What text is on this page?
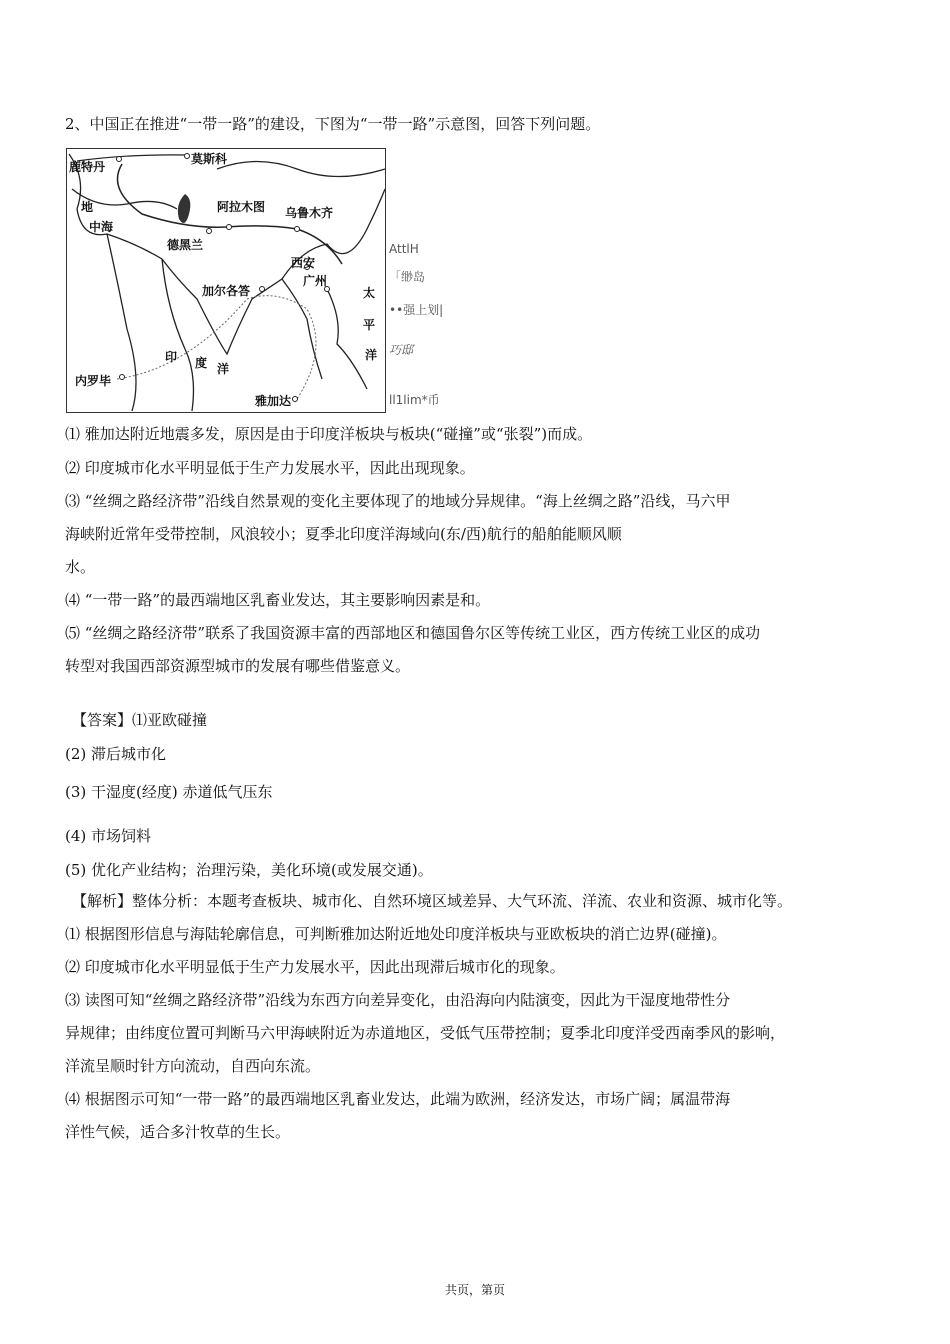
2、中国正在推进“一带一路”的建设，下图为“一带一路”示意图，回答下列问题。
莫斯科
鹿特丹
地
中海
阿拉木图 乌鲁木齐
德黑兰
西安
广州
加尔各答	太
平
洋
印 度 洋
内罗毕
雅加达
AttlH
「缈岛
••强上划|
巧邸
ll1lim*币
⑴ 雅加达附近地震多发，原因是由于印度洋板块与板块(“碰撞”或“张裂”)而成。
⑵ 印度城市化水平明显低于生产力发展水平，因此出现现象。
⑶ “丝绸之路经济带”沿线自然景观的变化主要体现了的地域分异规律。“海上丝绸之路”沿线，马六甲
海峡附近常年受带控制，风浪较小；夏季北印度洋海域向(东/西)航行的船舶能顺风顺
水。
⑷ “一带一路”的最西端地区乳畜业发达，其主要影响因素是和。
⑸ “丝绸之路经济带”联系了我国资源丰富的西部地区和德国鲁尔区等传统工业区，西方传统工业区的成功
转型对我国西部资源型城市的发展有哪些借鉴意义。
【答案】⑴亚欧碰撞
(2) 滞后城市化
(3) 干湿度(经度) 赤道低气压东
(4) 市场饲料
(5) 优化产业结构；治理污染，美化环境(或发展交通)。
【解析】整体分析：本题考查板块、城市化、自然环境区域差异、大气环流、洋流、农业和资源、城市化等。
⑴ 根据图形信息与海陆轮廓信息，可判断雅加达附近地处印度洋板块与亚欧板块的消亡边界(碰撞)。
⑵ 印度城市化水平明显低于生产力发展水平，因此出现滞后城市化的现象。
⑶ 读图可知“丝绸之路经济带”沿线为东西方向差异变化，由沿海向内陆演变，因此为干湿度地带性分
异规律；由纬度位置可判断马六甲海峡附近为赤道地区，受低气压带控制；夏季北印度洋受西南季风的影响，
洋流呈顺时针方向流动，自西向东流。
⑷ 根据图示可知“一带一路”的最西端地区乳畜业发达，此端为欧洲，经济发达，市场广阔；属温带海
洋性气候，适合多汁牧草的生长。
共页，第页
